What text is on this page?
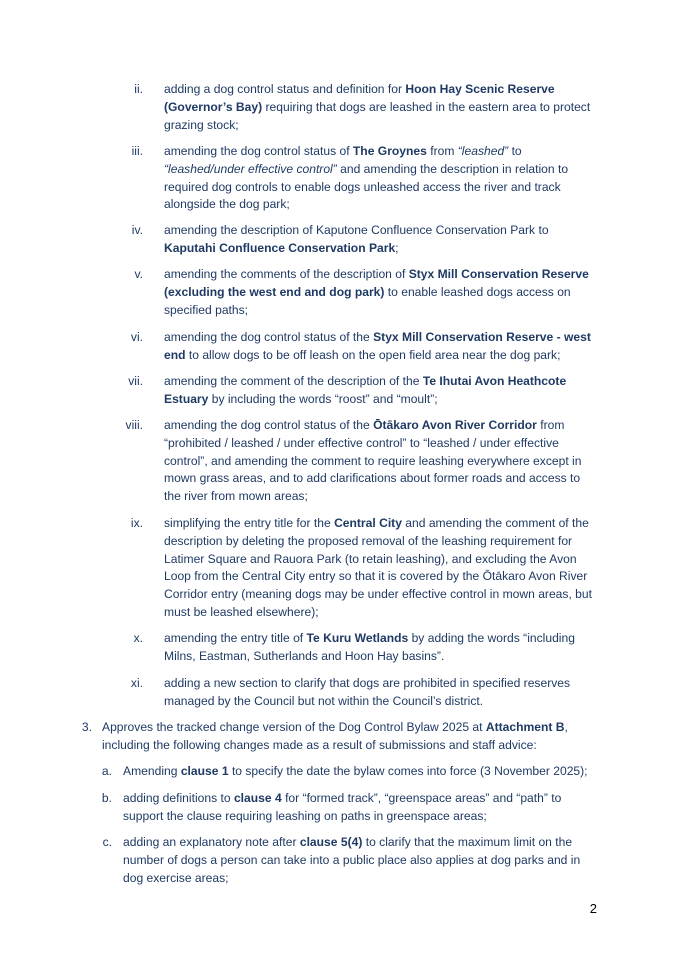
ii. adding a dog control status and definition for Hoon Hay Scenic Reserve (Governor’s Bay) requiring that dogs are leashed in the eastern area to protect grazing stock;
iii. amending the dog control status of The Groynes from “leashed” to “leashed/under effective control” and amending the description in relation to required dog controls to enable dogs unleashed access the river and track alongside the dog park;
iv. amending the description of Kaputone Confluence Conservation Park to Kaputahi Confluence Conservation Park;
v. amending the comments of the description of Styx Mill Conservation Reserve (excluding the west end and dog park) to enable leashed dogs access on specified paths;
vi. amending the dog control status of the Styx Mill Conservation Reserve - west end to allow dogs to be off leash on the open field area near the dog park;
vii. amending the comment of the description of the Te Ihutai Avon Heathcote Estuary by including the words “roost” and “moult”;
viii. amending the dog control status of the Ōtākaro Avon River Corridor from “prohibited / leashed / under effective control” to “leashed / under effective control”, and amending the comment to require leashing everywhere except in mown grass areas, and to add clarifications about former roads and access to the river from mown areas;
ix. simplifying the entry title for the Central City and amending the comment of the description by deleting the proposed removal of the leashing requirement for Latimer Square and Rauora Park (to retain leashing), and excluding the Avon Loop from the Central City entry so that it is covered by the Ōtākaro Avon River Corridor entry (meaning dogs may be under effective control in mown areas, but must be leashed elsewhere);
x. amending the entry title of Te Kuru Wetlands by adding the words “including Milns, Eastman, Sutherlands and Hoon Hay basins”.
xi. adding a new section to clarify that dogs are prohibited in specified reserves managed by the Council but not within the Council’s district.
3. Approves the tracked change version of the Dog Control Bylaw 2025 at Attachment B, including the following changes made as a result of submissions and staff advice:
a. Amending clause 1 to specify the date the bylaw comes into force (3 November 2025);
b. adding definitions to clause 4 for “formed track”, “greenspace areas” and “path” to support the clause requiring leashing on paths in greenspace areas;
c. adding an explanatory note after clause 5(4) to clarify that the maximum limit on the number of dogs a person can take into a public place also applies at dog parks and in dog exercise areas;
2
